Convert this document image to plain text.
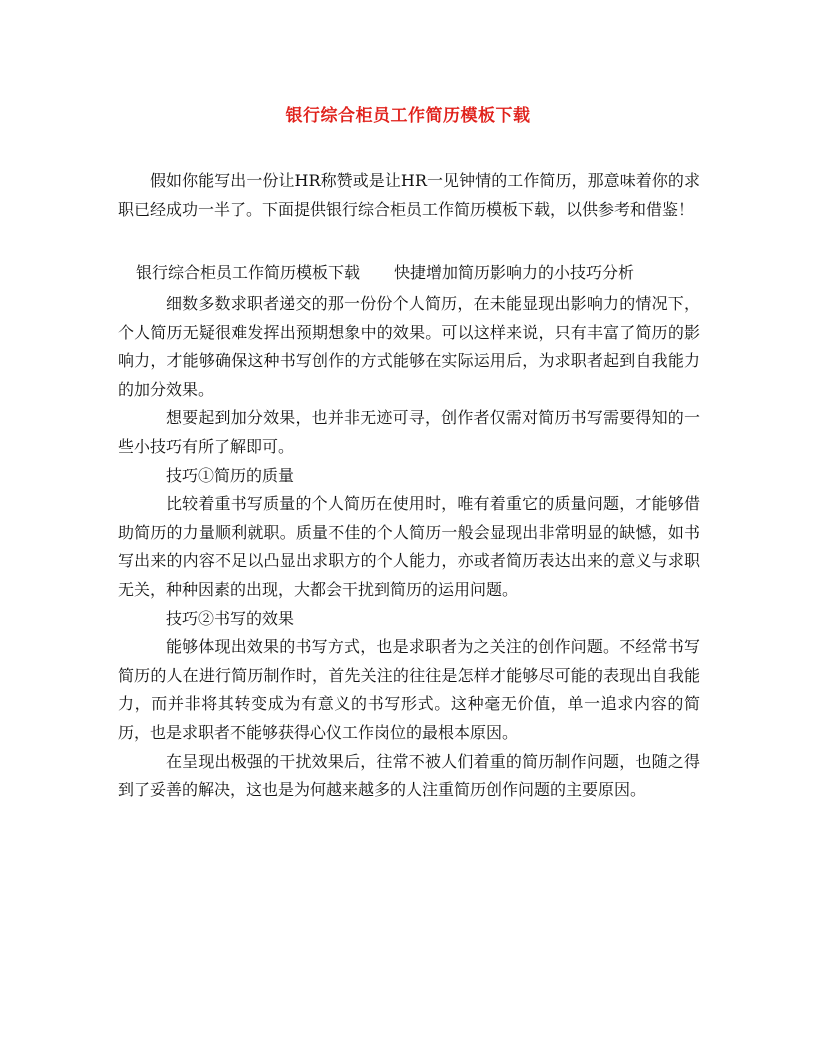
银行综合柜员工作简历模板下载

假如你能写出一份让HR称赞或是让HR一见钟情的工作简历，那意味着你的求职已经成功一半了。下面提供银行综合柜员工作简历模板下载，以供参考和借鉴！

银行综合柜员工作简历模板下载 快捷增加简历影响力的小技巧分析

细数多数求职者递交的那一份份个人简历，在未能显现出影响力的情况下，个人简历无疑很难发挥出预期想象中的效果。可以这样来说，只有丰富了简历的影响力，才能够确保这种书写创作的方式能够在实际运用后，为求职者起到自我能力的加分效果。

想要起到加分效果，也并非无迹可寻，创作者仅需对简历书写需要得知的一些小技巧有所了解即可。

技巧①简历的质量

比较着重书写质量的个人简历在使用时，唯有着重它的质量问题，才能够借助简历的力量顺利就职。质量不佳的个人简历一般会显现出非常明显的缺憾，如书写出来的内容不足以凸显出求职方的个人能力，亦或者简历表达出来的意义与求职无关，种种因素的出现，大都会干扰到简历的运用问题。

技巧②书写的效果

能够体现出效果的书写方式，也是求职者为之关注的创作问题。不经常书写简历的人在进行简历制作时，首先关注的往往是怎样才能够尽可能的表现出自我能力，而并非将其转变成为有意义的书写形式。这种毫无价值，单一追求内容的简历，也是求职者不能够获得心仪工作岗位的最根本原因。

在呈现出极强的干扰效果后，往常不被人们着重的简历制作问题，也随之得到了妥善的解决，这也是为何越来越多的人注重简历创作问题的主要原因。
